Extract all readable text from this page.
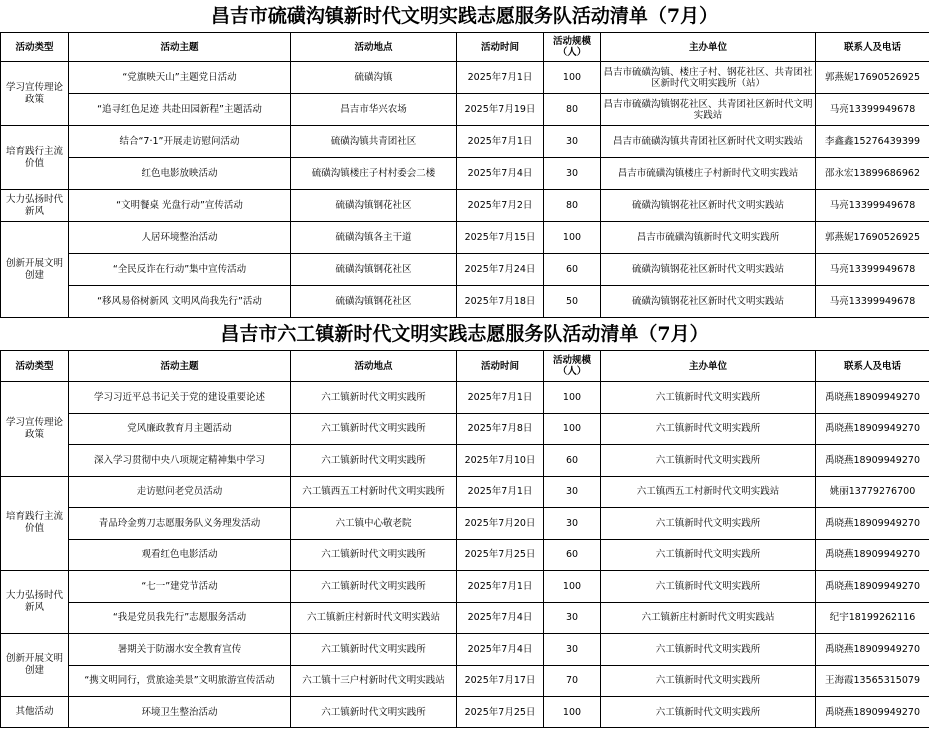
昌吉市硫磺沟镇新时代文明实践志愿服务队活动清单（7月）
活动类型	活动主题	活动地点	活动时间	活动规模（人）	主办单位	联系人及电话
学习宣传理论政策	“党旗映天山”主题党日活动	硫磺沟镇	2025年7月1日	100	昌吉市硫磺沟镇、楼庄子村、钢花社区、共青团社区新时代文明实践所（站）	郭燕妮17690526925
	“追寻红色足迹 共赴田园新程”主题活动	昌吉市华兴农场	2025年7月19日	80	昌吉市硫磺沟镇钢花社区、共青团社区新时代文明实践站	马亮13399949678
培育践行主流价值	结合“7·1”开展走访慰问活动	硫磺沟镇共青团社区	2025年7月1日	30	昌吉市硫磺沟镇共青团社区新时代文明实践站	李鑫鑫15276439399
	红色电影放映活动	硫磺沟镇楼庄子村村委会二楼	2025年7月4日	30	昌吉市硫磺沟镇楼庄子村新时代文明实践站	邵永宏13899686962
大力弘扬时代新风	“文明餐桌 光盘行动”宣传活动	硫磺沟镇钢花社区	2025年7月2日	80	硫磺沟镇钢花社区新时代文明实践站	马亮13399949678
创新开展文明创建	人居环境整治活动	硫磺沟镇各主干道	2025年7月15日	100	昌吉市硫磺沟镇新时代文明实践所	郭燕妮17690526925
	“全民反诈在行动”集中宣传活动	硫磺沟镇钢花社区	2025年7月24日	60	硫磺沟镇钢花社区新时代文明实践站	马亮13399949678
	“移风易俗树新风 文明风尚我先行”活动	硫磺沟镇钢花社区	2025年7月18日	50	硫磺沟镇钢花社区新时代文明实践站	马亮13399949678
昌吉市六工镇新时代文明实践志愿服务队活动清单（7月）
活动类型	活动主题	活动地点	活动时间	活动规模（人）	主办单位	联系人及电话
学习宣传理论政策	学习习近平总书记关于党的建设重要论述	六工镇新时代文明实践所	2025年7月1日	100	六工镇新时代文明实践所	禹晓燕18909949270
	党风廉政教育月主题活动	六工镇新时代文明实践所	2025年7月8日	100	六工镇新时代文明实践所	禹晓燕18909949270
	深入学习贯彻中央八项规定精神集中学习	六工镇新时代文明实践所	2025年7月10日	60	六工镇新时代文明实践所	禹晓燕18909949270
培育践行主流价值	走访慰问老党员活动	六工镇西五工村新时代文明实践所	2025年7月1日	30	六工镇西五工村新时代文明实践站	姚丽13779276700
	青品玲金剪刀志愿服务队义务理发活动	六工镇中心敬老院	2025年7月20日	30	六工镇新时代文明实践所	禹晓燕18909949270
	观看红色电影活动	六工镇新时代文明实践所	2025年7月25日	60	六工镇新时代文明实践所	禹晓燕18909949270
大力弘扬时代新风	“七一”建党节活动	六工镇新时代文明实践所	2025年7月1日	100	六工镇新时代文明实践所	禹晓燕18909949270
	“我是党员我先行”志愿服务活动	六工镇新庄村新时代文明实践站	2025年7月4日	30	六工镇新庄村新时代文明实践站	纪宇18199262116
创新开展文明创建	暑期关于防溺水安全教育宣传	六工镇新时代文明实践所	2025年7月4日	30	六工镇新时代文明实践所	禹晓燕18909949270
	“携文明同行，赏旅途美景”文明旅游宣传活动	六工镇十三户村新时代文明实践站	2025年7月17日	70	六工镇新时代文明实践所	王海霞13565315079
其他活动	环境卫生整治活动	六工镇新时代文明实践所	2025年7月25日	100	六工镇新时代文明实践所	禹晓燕18909949270
